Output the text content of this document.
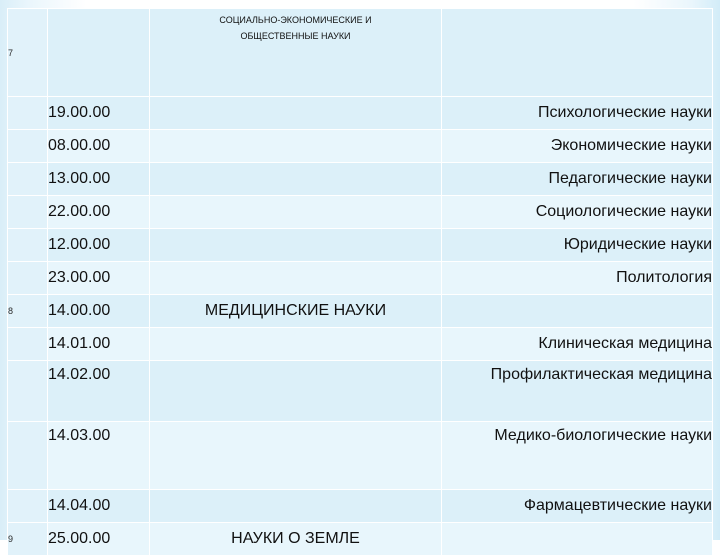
7		СОЦИАЛЬНО-ЭКОНОМИЧЕСКИЕ И
ОБЩЕСТВЕННЫЕ НАУКИ	

	19.00.00		Психологические науки
	08.00.00		Экономические науки
	13.00.00		Педагогические науки
	22.00.00		Социологические науки
	12.00.00		Юридические науки
	23.00.00		Политология
8	14.00.00	МЕДИЦИНСКИЕ НАУКИ	
	14.01.00		Клиническая медицина
	14.02.00		Профилактическая медицина
	14.03.00		Медико-биологические науки
	14.04.00		Фармацевтические науки
9	25.00.00	НАУКИ О ЗЕМЛЕ	
